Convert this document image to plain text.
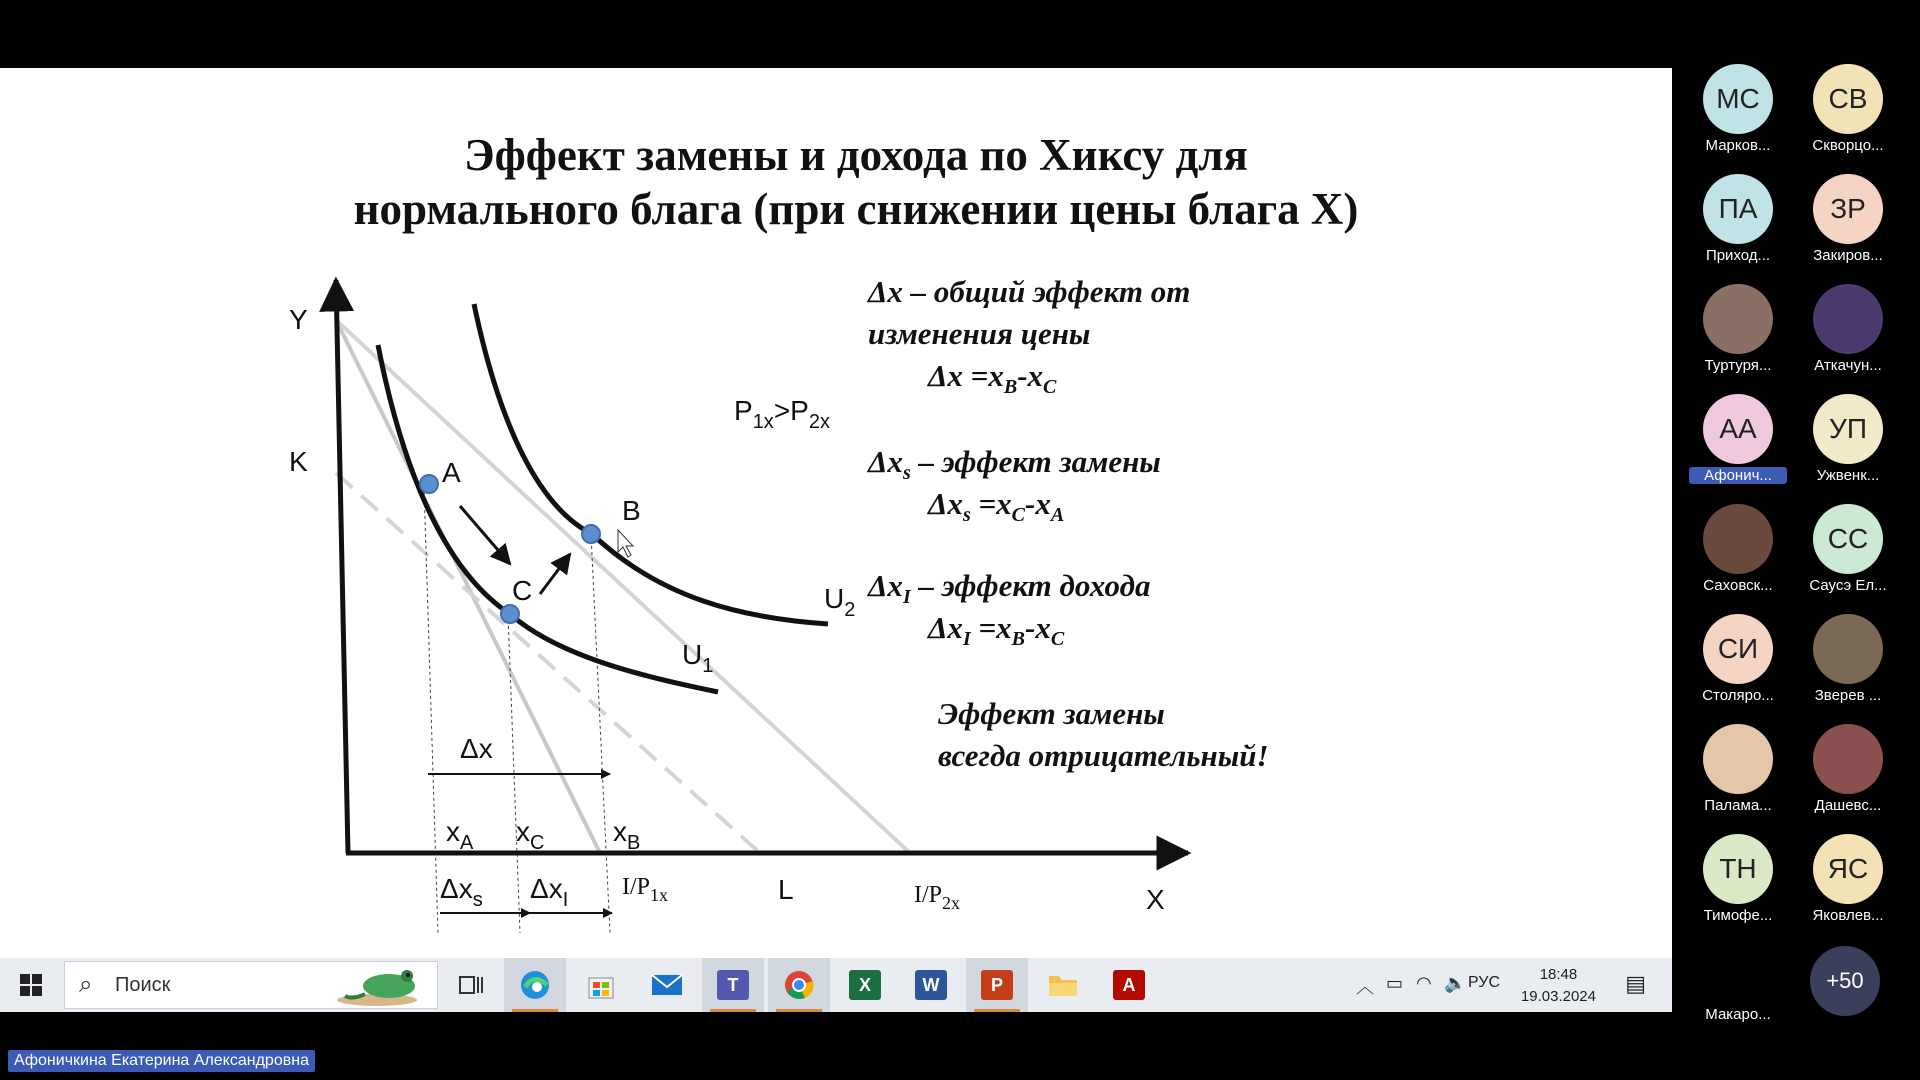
Эффект замены и дохода по Хиксу для
нормального блага (при снижении цены блага X)
Y
X
K
L
A
B
C
$U_1$
$U_2$
$P_{1x}>P_{2x}$
Δx
$x_A$ $x_C$ $x_B$
$\Delta x_s$ $\Delta x_I$ $I/P_{1x}$	$I/P_{2x}$
Δx – общий эффект от
изменения цены
$\Delta x =x_B-x_C$
$\Delta x_s$ – эффект замены
$\Delta x_s =x_C-x_A$
$\Delta x_I$ – эффект дохода
$\Delta x_I =x_B-x_C$
Эффект замены
всегда отрицательный!
⌕ Поиск	T	X	W	P	A	︿ ▭ ◠ 🔈 РУС	18:48
19.03.2024
▤
МС
Марков...
СВ
Скворцо...
ПА
Приход...
ЗР
Закиров...
Туртуря...	Аткачун...
АА
Афонич...
УП
Ужвенк...
Саховск...
СС
Саусэ Ел...
СИ
Столяро...	Зверев ...
Палама...	Дашевс...
ТН
Тимофе...
ЯС
Яковлев...
+50
Макаро...
Афоничкина Екатерина Александровна
